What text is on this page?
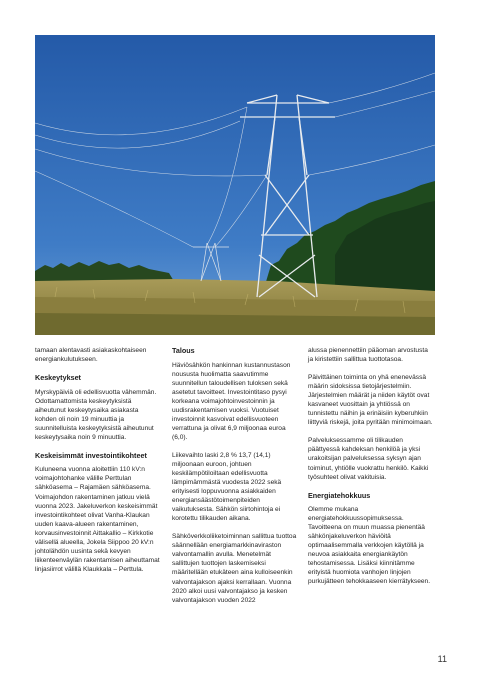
tamaan alentavasti asiakaskohtaiseen energiankulutukseen.

Keskeytykset

Myrskypäiviä oli edellisvuotta vähemmän. Odottamattomista keskeytyksistä aiheutunut keskeytysaika asiakasta kohden oli noin 19 minuuttia ja suunnitelluista keskeytyksistä aiheutunut keskeytysaika noin 9 minuuttia.

Keskeisimmät investointikohteet

Kuluneena vuonna aloitettiin 110 kV:n voimajohtohanke välille Perttulan sähköasema – Rajamäen sähköasema. Voimajohdon rakentaminen jatkuu vielä vuonna 2023. Jakeluverkon keskeisimmät investointikohteet olivat Vanha-Klaukan uuden kaava-alueen rakentaminen, korvausinvestoinnit Aittakallio – Kirkkotie välisellä alueella, Jokela Siippoo 20 kV:n johtolähdön uusinta sekä kevyen liikenteenväylän rakentamisen aiheuttamat linjasiirrot välillä Klaukkala – Perttula.

Talous

Häviösähkön hankinnan kustannustason noususta huolimatta saavutimme suunnitellun taloudellisen tuloksen sekä asetetut tavoitteet. Investointitaso pysyi korkeana voimajohtoinvestoinnin ja uudisrakentamisen vuoksi. Vuotuiset investoinnit kasvoivat edellisvuoteen verrattuna ja olivat 6,9 miljoonaa euroa (6,0).

Liikevaihto laski 2,8 % 13,7 (14,1) miljoonaan euroon, johtuen keskilämpötiloiltaan edellisvuotta lämpimämmästä vuodesta 2022 sekä erityisesti loppuvuonna asiakkaiden energiansäästötoimenpiteiden vaikutuksesta. Sähkön siirtohintoja ei korotettu tilikauden aikana.

Sähköverkkoliiketoiminnan sallittua tuottoa säännellään energiamarkkinaviraston valvontamallin avulla. Menetelmät sallittujen tuottojen laskemiseksi määritellään etukäteen aina kulloiseenkin valvontajakson ajaksi kerrallaan. Vuonna 2020 alkoi uusi valvontajakso ja kesken valvontajakson vuoden 2022

alussa pienennettiin pääoman arvostusta ja kiristettiin sallittua tuottotasoa.

Päivittäinen toiminta on yhä enenevässä määrin sidoksissa tietojärjestelmiin. Järjestelmien määrät ja niiden käytöt ovat kasvaneet vuosittain ja yhtiössä on tunnistettu näihin ja erinäisiin kyberuhkiin liittyviä riskejä, joita pyritään minimoimaan.

Palveluksessamme oli tilikauden päättyessä kahdeksan henkilöä ja yksi urakoitsijan palveluksessa syksyn ajan toiminut, yhtiölle vuokrattu henkilö. Kaikki työsuhteet olivat vakituisia.

Energiatehokkuus

Olemme mukana energiatehokkuussopimuksessa. Tavoitteena on muun muassa pienentää sähkönjakeluverkon häviöitä optimaalisemmalla verkkojen käytöllä ja neuvoa asiakkaita energiankäytön tehostamisessa. Lisäksi kiinnitämme erityistä huomiota vanhojen linjojen purkujätteen tehokkaaseen kierrätykseen.

11
